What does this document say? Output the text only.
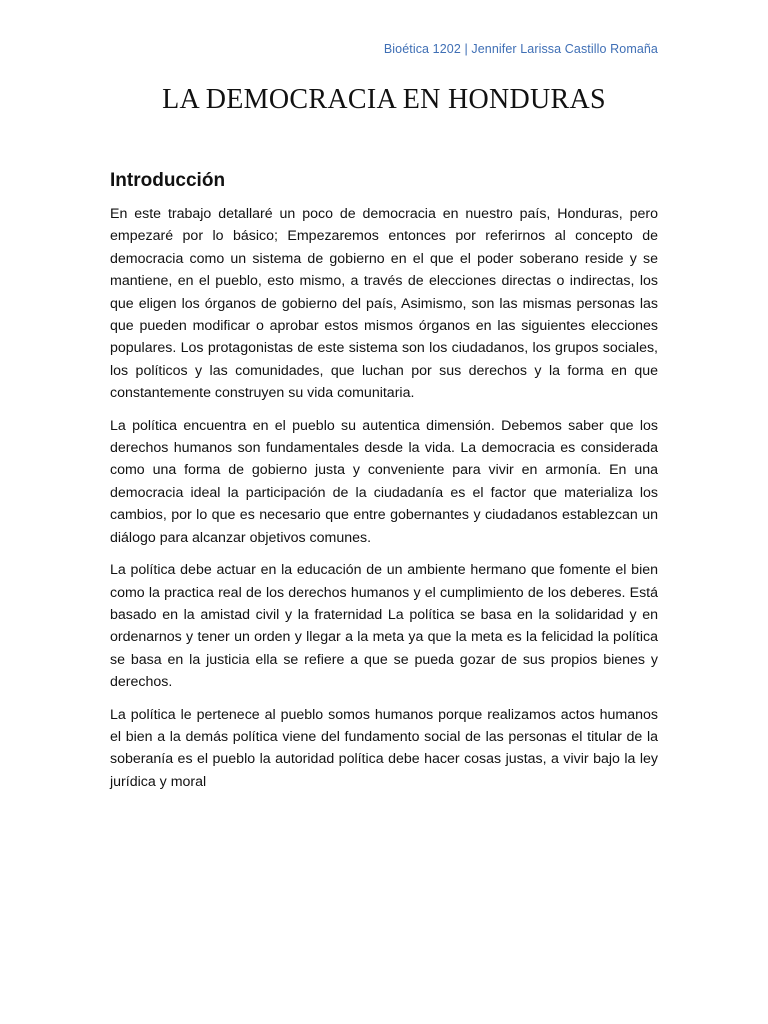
Bioética 1202 | Jennifer Larissa Castillo Romaña
LA DEMOCRACIA EN HONDURAS
Introducción

En este trabajo detallaré un poco de democracia en nuestro país, Honduras, pero empezaré por lo básico; Empezaremos entonces por referirnos al concepto de democracia como un sistema de gobierno en el que el poder soberano reside y se mantiene, en el pueblo, esto mismo, a través de elecciones directas o indirectas, los que eligen los órganos de gobierno del país, Asimismo, son las mismas personas las que pueden modificar o aprobar estos mismos órganos en las siguientes elecciones populares. Los protagonistas de este sistema son los ciudadanos, los grupos sociales, los políticos y las comunidades, que luchan por sus derechos y la forma en que constantemente construyen su vida comunitaria.

La política encuentra en el pueblo su autentica dimensión. Debemos saber que los derechos humanos son fundamentales desde la vida. La democracia es considerada como una forma de gobierno justa y conveniente para vivir en armonía. En una democracia ideal la participación de la ciudadanía es el factor que materializa los cambios, por lo que es necesario que entre gobernantes y ciudadanos establezcan un diálogo para alcanzar objetivos comunes.

La política debe actuar en la educación de un ambiente hermano que fomente el bien como la practica real de los derechos humanos y el cumplimiento de los deberes. Está basado en la amistad civil y la fraternidad La política se basa en la solidaridad y en ordenarnos y tener un orden y llegar a la meta ya que la meta es la felicidad la política se basa en la justicia ella se refiere a que se pueda gozar de sus propios bienes y derechos.

La política le pertenece al pueblo somos humanos porque realizamos actos humanos el bien a la demás política viene del fundamento social de las personas el titular de la soberanía es el pueblo la autoridad política debe hacer cosas justas, a vivir bajo la ley jurídica y moral
